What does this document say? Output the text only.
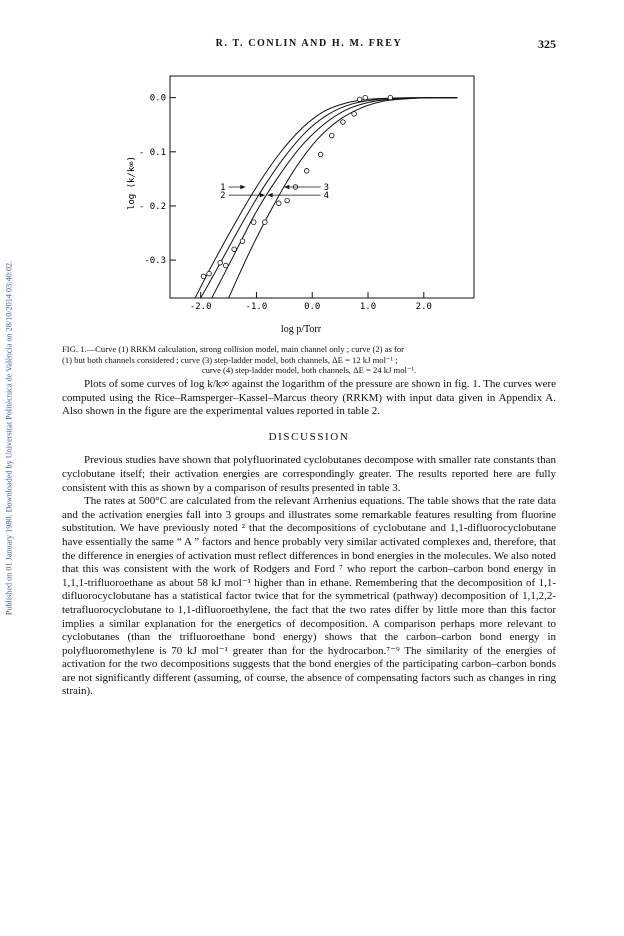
Published on 01 January 1980. Downloaded by Universitat Politècnica de València on 28/10/2014 03:40:02.
R. T. CONLIN AND H. M. FREY	325
0.0
- 0.1
- 0.2
-0.3
-2.0	-1.0	0.0	1.0	2.0
1
2
3
4
log (k/k∞)
log p/Torr

FIG. 1.—Curve (1) RRKM calculation, strong collision model, main channel only ; curve (2) as for

(1) but both channels considered ; curve (3) step-ladder model, both channels, ΔE = 12 kJ mol⁻¹ ;

curve (4) step-ladder model, both channels, ΔE = 24 kJ mol⁻¹.

Plots of some curves of log k/k∞ against the logarithm of the pressure are shown in fig. 1. The curves were computed using the Rice–Ramsperger–Kassel–Marcus theory (RRKM) with input data given in Appendix A. Also shown in the figure are the experimental values reported in table 2.

DISCUSSION

Previous studies have shown that polyfluorinated cyclobutanes decompose with smaller rate constants than cyclobutane itself; their activation energies are correspondingly greater. The results reported here are fully consistent with this as shown by a comparison of results presented in table 3.

The rates at 500°C are calculated from the relevant Arrhenius equations. The table shows that the rate data and the activation energies fall into 3 groups and illustrates some remarkable features resulting from fluorine substitution. We have previously noted ² that the decompositions of cyclobutane and 1,1-difluorocyclobutane have essentially the same “ A ” factors and hence probably very similar activated complexes and, therefore, that the difference in energies of activation must reflect differences in bond energies in the molecules. We also noted that this was consistent with the work of Rodgers and Ford ⁷ who report the carbon–carbon bond energy in 1,1,1-trifluoroethane as about 58 kJ mol⁻¹ higher than in ethane. Remembering that the decomposition of 1,1-difluorocyclobutane has a statistical factor twice that for the symmetrical (pathway) decomposition of 1,1,2,2-tetrafluorocyclobutane to 1,1-difluoroethylene, the fact that the two rates differ by little more than this factor implies a similar explanation for the energetics of decomposition. A comparison perhaps more relevant to cyclobutanes (than the trifluoroethane bond energy) shows that the carbon–carbon bond energy in polyfluoromethylene is 70 kJ mol⁻¹ greater than for the hydrocarbon.⁷⁻⁹ The similarity of the energies of activation for the two decompositions suggests that the bond energies of the participating carbon–carbon bonds are not significantly different (assuming, of course, the absence of compensating factors such as changes in ring strain).
